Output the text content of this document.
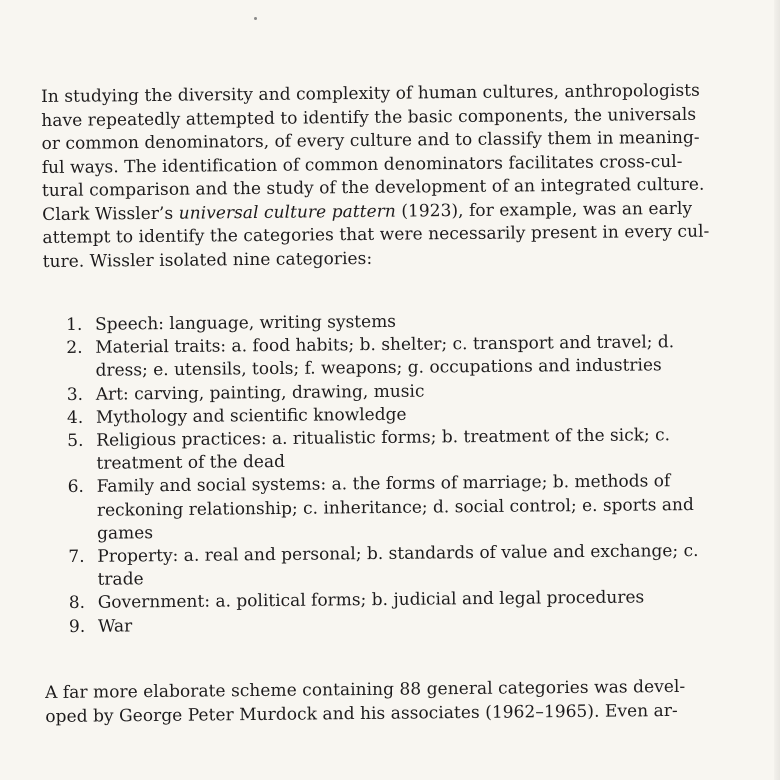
In studying the diversity and complexity of human cultures, anthropologists
have repeatedly attempted to identify the basic components, the universals
or common denominators, of every culture and to classify them in meaning-
ful ways. The identification of common denominators facilitates cross-cul-
tural comparison and the study of the development of an integrated culture.
Clark Wissler’s universal culture pattern (1923), for example, was an early
attempt to identify the categories that were necessarily present in every cul-
ture. Wissler isolated nine categories:
1. Speech: language, writing systems
2. Material traits: a. food habits; b. shelter; c. transport and travel; d.
dress; e. utensils, tools; f. weapons; g. occupations and industries
3. Art: carving, painting, drawing, music
4. Mythology and scientific knowledge
5. Religious practices: a. ritualistic forms; b. treatment of the sick; c.
treatment of the dead
6. Family and social systems: a. the forms of marriage; b. methods of
reckoning relationship; c. inheritance; d. social control; e. sports and
games
7. Property: a. real and personal; b. standards of value and exchange; c.
trade
8. Government: a. political forms; b. judicial and legal procedures
9. War
A far more elaborate scheme containing 88 general categories was devel-
oped by George Peter Murdock and his associates (1962–1965). Even ar-
